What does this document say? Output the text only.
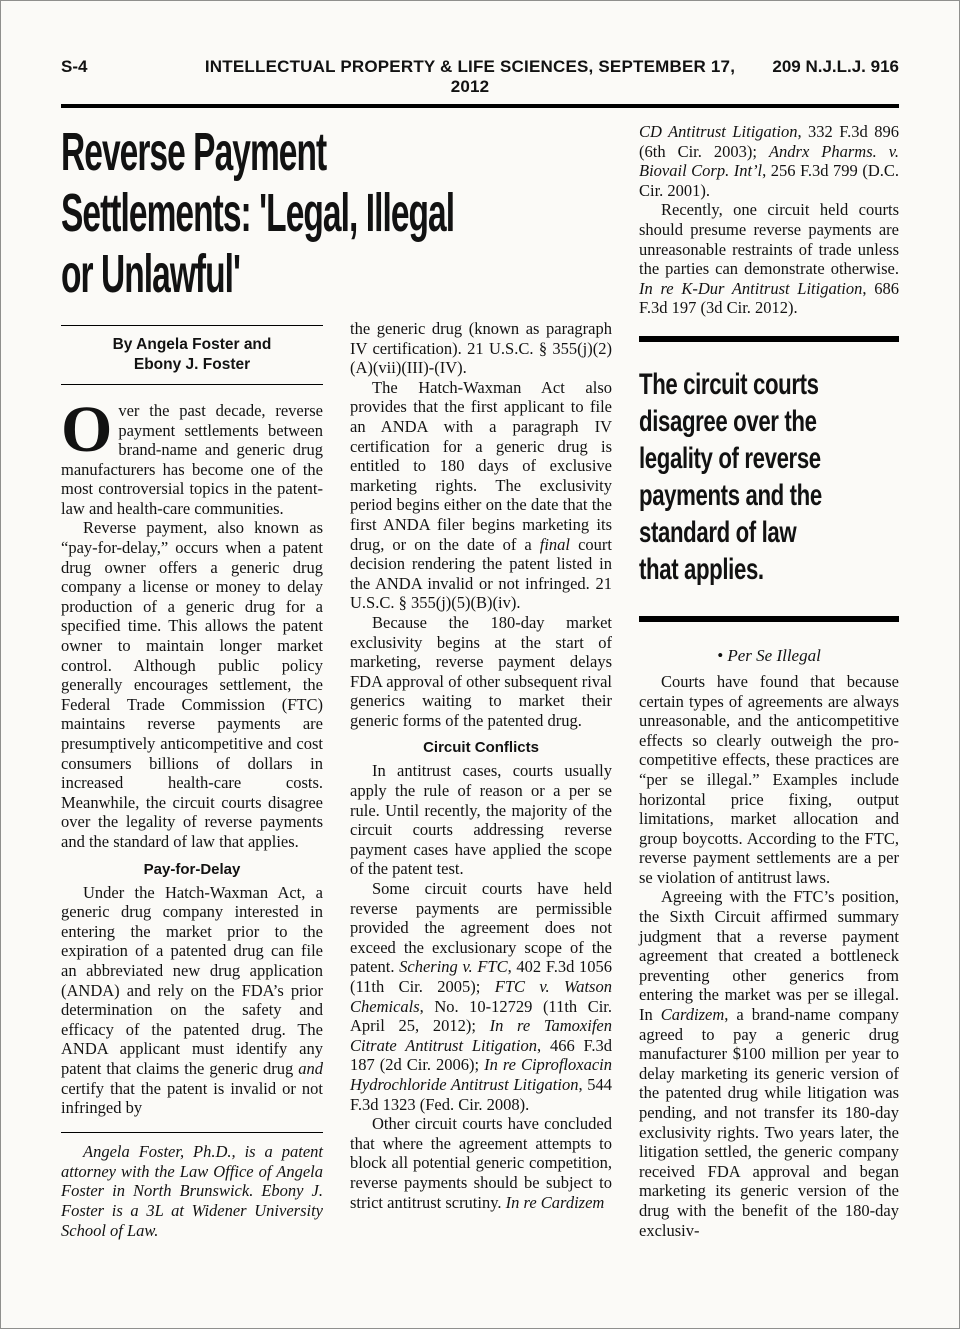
S-4	INTELLECTUAL PROPERTY & LIFE SCIENCES, SEPTEMBER 17, 2012
209 N.J.L.J. 916
Reverse Payment
Settlements: 'Legal, Illegal
or Unlawful'
By Angela Foster and
Ebony J. Foster

Over the past decade, reverse payment settlements between brand-name and generic drug manufacturers has become one of the most controversial topics in the patent-law and health-care communities.

Reverse payment, also known as “pay-for-delay,” occurs when a patent drug owner offers a generic drug company a license or money to delay production of a generic drug for a specified time. This allows the patent owner to maintain longer market control. Although public policy generally encourages settlement, the Federal Trade Commission (FTC) maintains reverse payments are presumptively anticompetitive and cost consumers billions of dollars in increased health-care costs. Meanwhile, the circuit courts disagree over the legality of reverse payments and the standard of law that applies.

Pay-for-Delay

Under the Hatch-Waxman Act, a generic drug company interested in entering the market prior to the expiration of a patented drug can file an abbreviated new drug application (ANDA) and rely on the FDA’s prior determination on the safety and efficacy of the patented drug. The ANDA applicant must identify any patent that claims the generic drug and certify that the patent is invalid or not infringed by

Angela Foster, Ph.D., is a patent attorney with the Law Office of Angela Foster in North Brunswick. Ebony J. Foster is a 3L at Widener University School of Law.

the generic drug (known as paragraph IV certification). 21 U.S.C. § 355(j)(2)(A)(vii)(III)-(IV).

The Hatch-Waxman Act also provides that the first applicant to file an ANDA with a paragraph IV certification for a generic drug is entitled to 180 days of exclusive marketing rights. The exclusivity period begins either on the date that the first ANDA filer begins marketing its drug, or on the date of a final court decision rendering the patent listed in the ANDA invalid or not infringed. 21 U.S.C. § 355(j)(5)(B)(iv).

Because the 180-day market exclusivity begins at the start of marketing, reverse payment delays FDA approval of other subsequent rival generics waiting to market their generic forms of the patented drug.

Circuit Conflicts

In antitrust cases, courts usually apply the rule of reason or a per se rule. Until recently, the majority of the circuit courts addressing reverse payment cases have applied the scope of the patent test.

Some circuit courts have held reverse payments are permissible provided the agreement does not exceed the exclusionary scope of the patent. Schering v. FTC, 402 F.3d 1056 (11th Cir. 2005); FTC v. Watson Chemicals, No. 10-12729 (11th Cir. April 25, 2012); In re Tamoxifen Citrate Antitrust Litigation, 466 F.3d 187 (2d Cir. 2006); In re Ciprofloxacin Hydrochloride Antitrust Litigation, 544 F.3d 1323 (Fed. Cir. 2008).

Other circuit courts have concluded that where the agreement attempts to block all potential generic competition, reverse payments should be subject to strict antitrust scrutiny. In re Cardizem

CD Antitrust Litigation, 332 F.3d 896 (6th Cir. 2003); Andrx Pharms. v. Biovail Corp. Int’l, 256 F.3d 799 (D.C. Cir. 2001).

Recently, one circuit held courts should presume reverse payments are unreasonable restraints of trade unless the parties can demonstrate otherwise. In re K-Dur Antitrust Litigation, 686 F.3d 197 (3d Cir. 2012).

The circuit courts
disagree over the
legality of reverse
payments and the
standard of law
that applies.
• Per Se Illegal

Courts have found that because certain types of agreements are always unreasonable, and the anticompetitive effects so clearly outweigh the pro-competitive effects, these practices are “per se illegal.” Examples include horizontal price fixing, output limitations, market allocation and group boycotts. According to the FTC, reverse payment settlements are a per se violation of antitrust laws.

Agreeing with the FTC’s position, the Sixth Circuit affirmed summary judgment that a reverse payment agreement that created a bottleneck preventing other generics from entering the market was per se illegal. In Cardizem, a brand-name company agreed to pay a generic drug manufacturer $100 million per year to delay marketing its generic version of the patented drug while litigation was pending, and not transfer its 180-day exclusivity rights. Two years later, the litigation settled, the generic company received FDA approval and began marketing its generic version of the drug with the benefit of the 180-day exclusiv-
